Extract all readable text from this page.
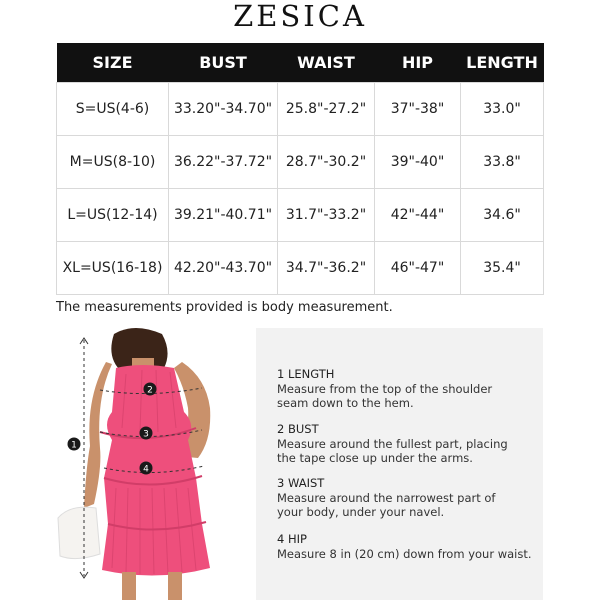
ZESICA
SIZE	BUST	WAIST	HIP	LENGTH
S=US(4-6)	33.20"-34.70"	25.8"-27.2"	37"-38"	33.0"
M=US(8-10)	36.22"-37.72"	28.7"-30.2"	39"-40"	33.8"
L=US(12-14)	39.21"-40.71"	31.7"-33.2"	42"-44"	34.6"
XL=US(16-18)	42.20"-43.70"	34.7"-36.2"	46"-47"	35.4"
The measurements provided is body measurement.
1
2
3
4
1 LENGTH
Measure from the top of the shoulder
seam down to the hem.
2 BUST
Measure around the fullest part, placing
the tape close up under the arms.
3 WAIST
Measure around the narrowest part of
your body, under your navel.
4 HIP
Measure 8 in (20 cm) down from your waist.
